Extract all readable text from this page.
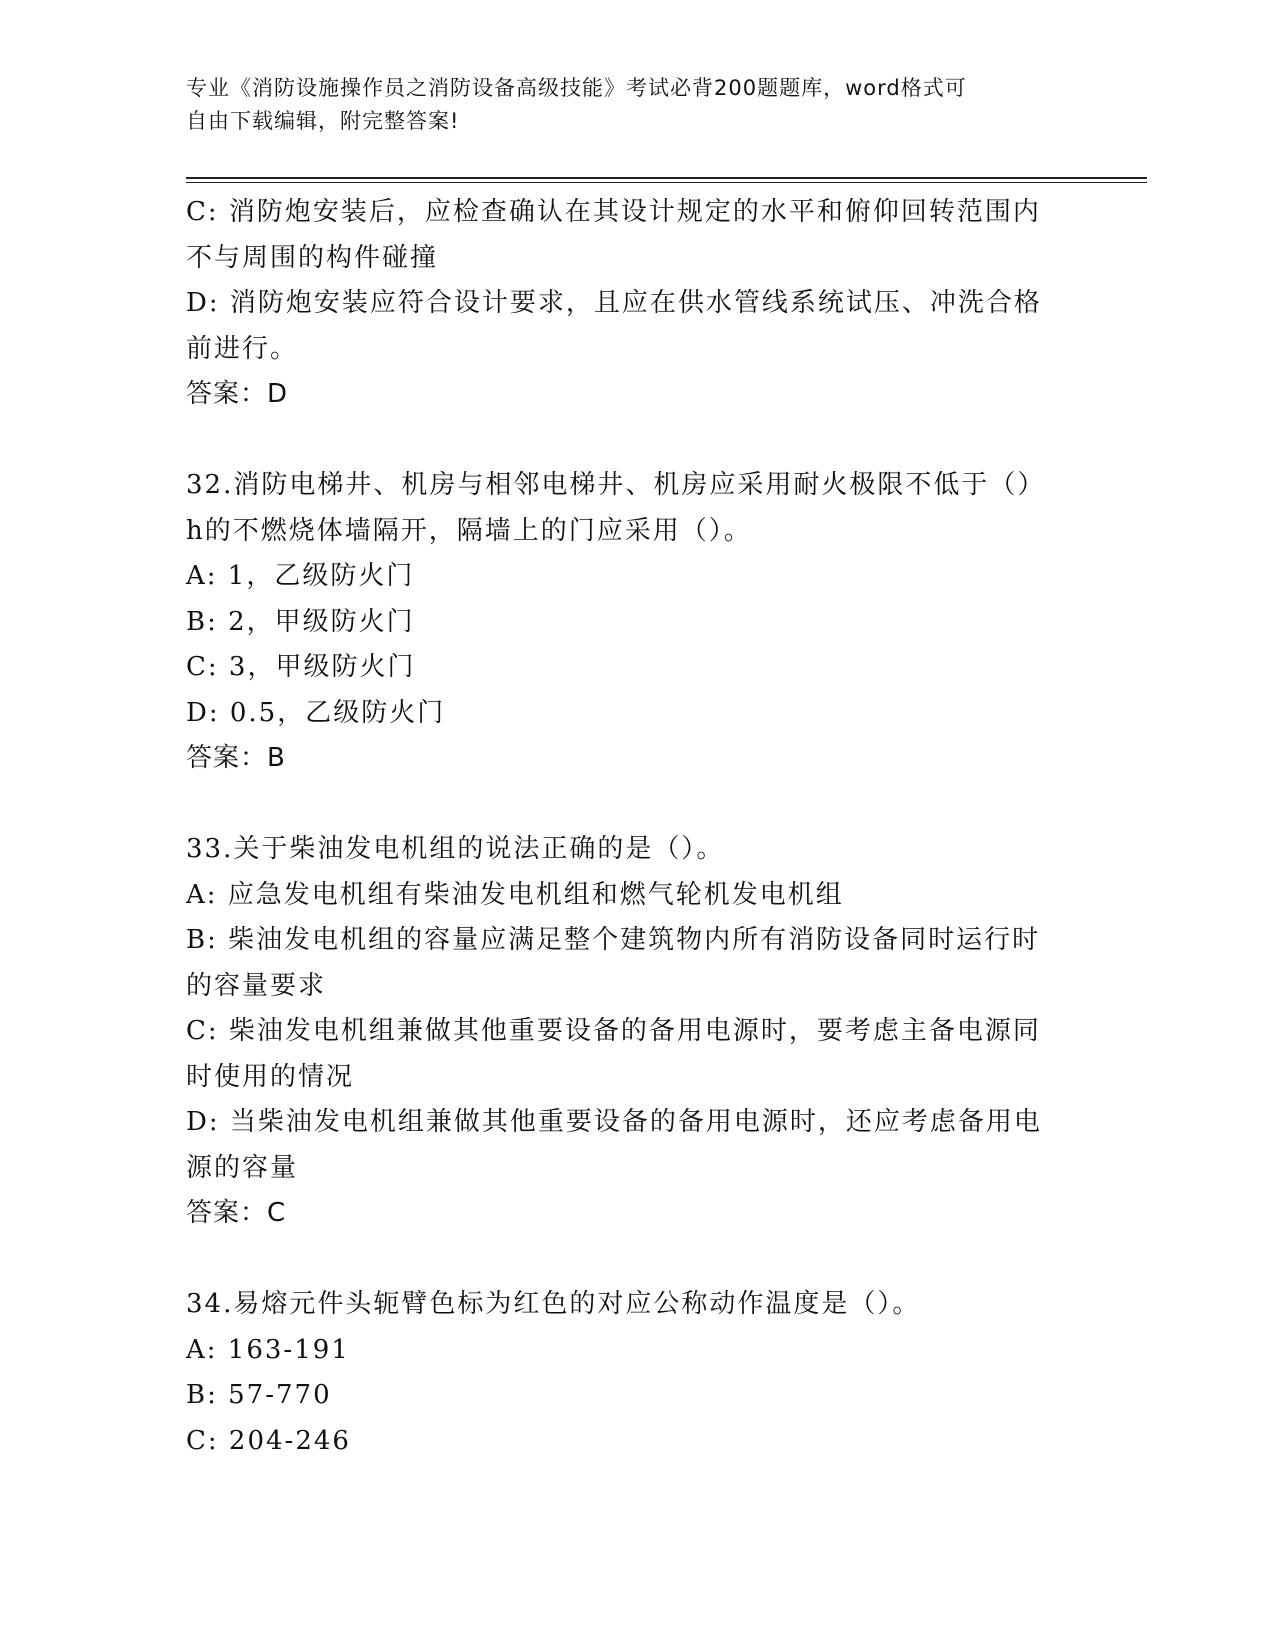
专业《消防设施操作员之消防设备高级技能》考试必背200题题库，word格式可
自由下载编辑，附完整答案!
C: 消防炮安装后，应检查确认在其设计规定的水平和俯仰回转范围内
不与周围的构件碰撞
D: 消防炮安装应符合设计要求，且应在供水管线系统试压、冲洗合格
前进行。
答案：D
32.消防电梯井、机房与相邻电梯井、机房应采用耐火极限不低于（）
h的不燃烧体墙隔开，隔墙上的门应采用（）。
A: 1，乙级防火门
B: 2，甲级防火门
C: 3，甲级防火门
D: 0.5，乙级防火门
答案：B
33.关于柴油发电机组的说法正确的是（）。
A: 应急发电机组有柴油发电机组和燃气轮机发电机组
B: 柴油发电机组的容量应满足整个建筑物内所有消防设备同时运行时
的容量要求
C: 柴油发电机组兼做其他重要设备的备用电源时，要考虑主备电源同
时使用的情况
D: 当柴油发电机组兼做其他重要设备的备用电源时，还应考虑备用电
源的容量
答案：C
34.易熔元件头轭臂色标为红色的对应公称动作温度是（）。
A: 163-191
B: 57-770
C: 204-246
